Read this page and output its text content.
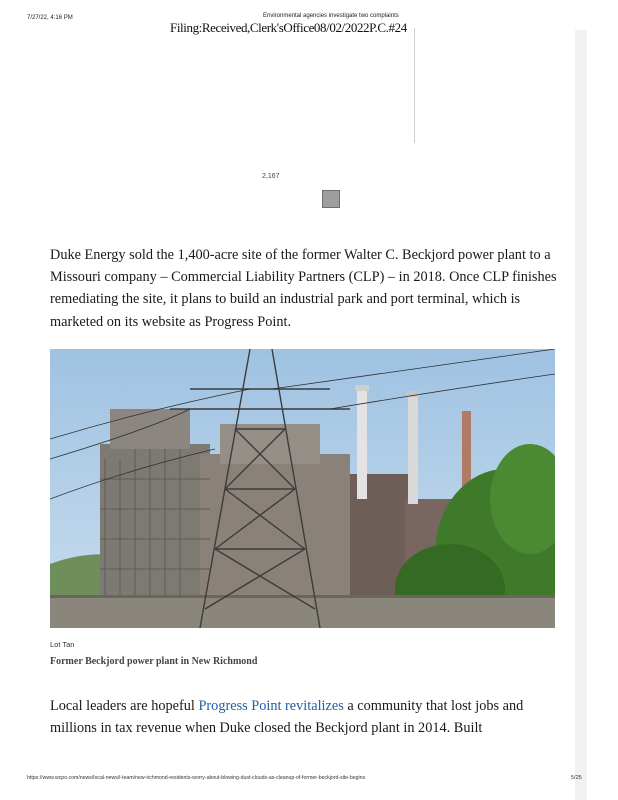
7/27/22, 4:16 PM	Environmental agencies investigate two complaints
Filing:Received,Clerk'sOffice08/02/2022P.C.#24
2,167

Duke Energy sold the 1,400-acre site of the former Walter C. Beckjord power plant to a Missouri company – Commercial Liability Partners (CLP) – in 2018. Once CLP finishes remediating the site, it plans to build an industrial park and port terminal, which is marketed on its website as Progress Point.

Lot Tan
Former Beckjord power plant in New Richmond

Local leaders are hopeful Progress Point revitalizes a community that lost jobs and millions in tax revenue when Duke closed the Beckjord plant in 2014. Built

https://www.wcpo.com/news/local-news/i-team/new-richmond-residents-worry-about-blowing-dust-clouds-as-cleanup-of-former-beckjord-site-begins	5/25
